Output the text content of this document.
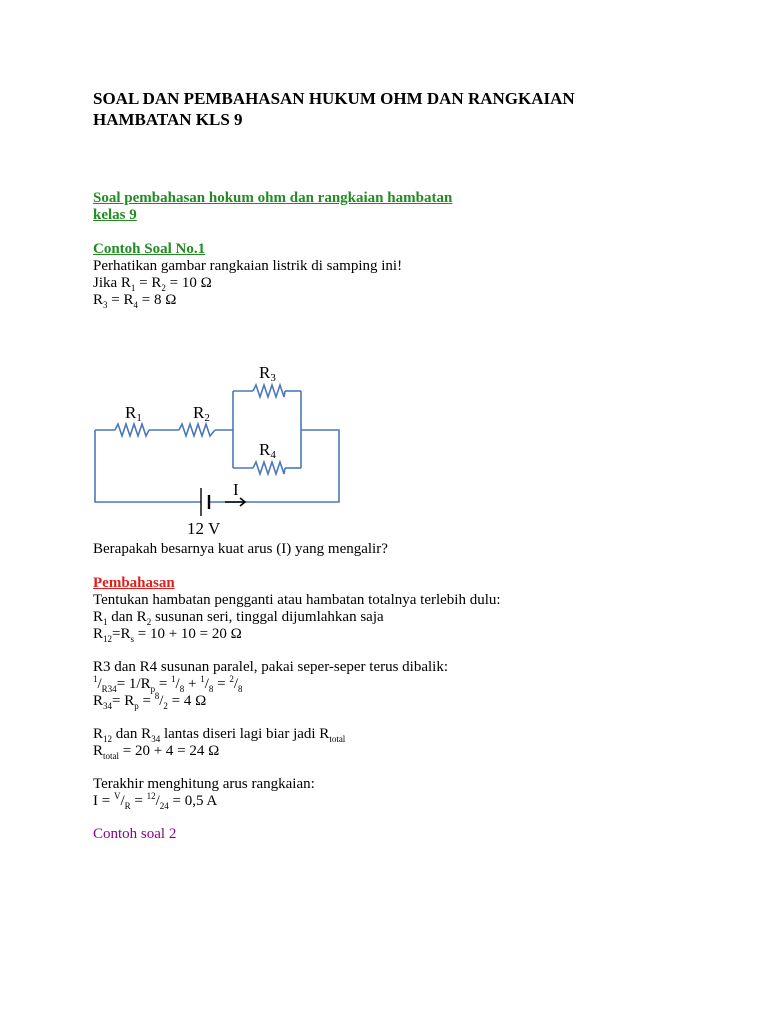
SOAL DAN PEMBAHASAN HUKUM OHM DAN RANGKAIAN
HAMBATAN KLS 9
Soal pembahasan hokum ohm dan rangkaian hambatan
kelas 9
Contoh Soal No.1
Perhatikan gambar rangkaian listrik di samping ini!
Jika $R_1 = R_2 = 10$ Ω
$R_3 = R_4 = 8$ Ω
Berapakah besarnya kuat arus (I) yang mengalir?
Pembahasan
Tentukan hambatan pengganti atau hambatan totalnya terlebih dulu:
$R_1$ dan $R_2$ susunan seri, tinggal dijumlahkan saja
$R_{12}=R_s = 10 + 10 = 20$ Ω
R3 dan R4 susunan paralel, pakai seper-seper terus dibalik:
$^1/_{R34}= 1/R_p = ^1/_8 + ^1/_8 = ^2/_8$
$R_{34}= R_p = ^8/_2 = 4$ Ω
$R_{12}$ dan $R_{34}$ lantas diseri lagi biar jadi $R_{total}$
$R_{total} = 20 + 4 = 24$ Ω
Terakhir menghitung arus rangkaian:
$I = ^V/_R = ^{12}/_{24} = 0,5$ A
Contoh soal 2
R1	R2
R3
R4
I
12 V
